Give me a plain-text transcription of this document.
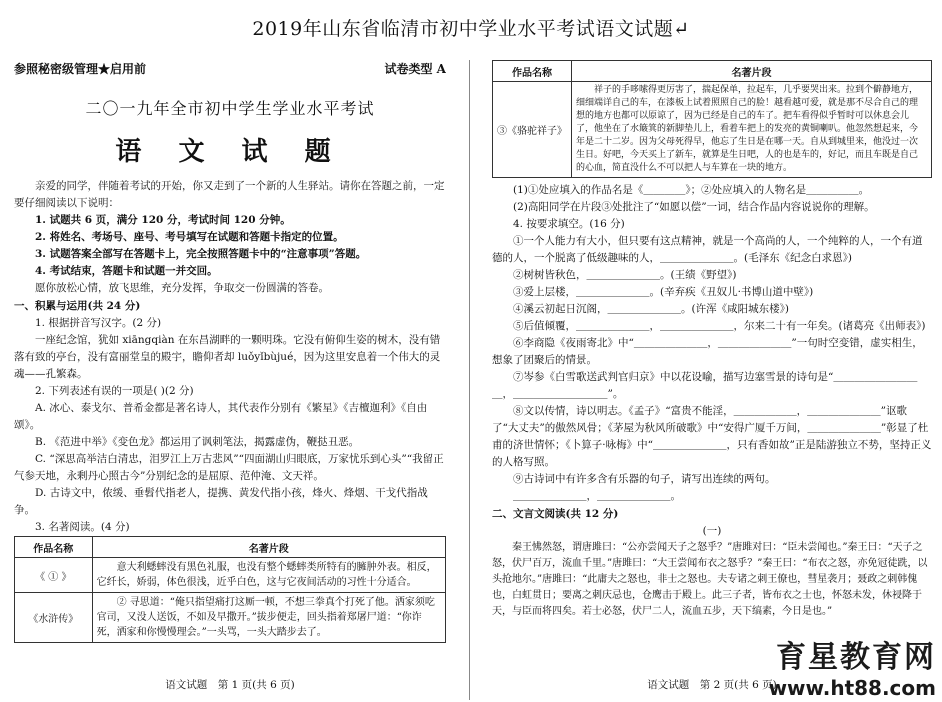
2019年山东省临清市初中学业水平考试语文试题↵
参照秘密级管理★启用前	试卷类型 A
二〇一九年全市初中学生学业水平考试
语 文 试 题

亲爱的同学，伴随着考试的开始，你又走到了一个新的人生驿站。请你在答题之前，一定要仔细阅读以下说明：

1. 试题共 6 页，满分 120 分，考试时间 120 分钟。

2. 将姓名、考场号、座号、考号填写在试题和答题卡指定的位置。

3. 试题答案全部写在答题卡上，完全按照答题卡中的“注意事项”答题。

4. 考试结束，答题卡和试题一并交回。

愿你放松心情，放飞思维，充分发挥，争取交一份圆满的答卷。

一、积累与运用(共 24 分)

1. 根据拼音写汉字。(2 分)

一座纪念馆，犹如 xiāngqiàn 在东昌湖畔的一颗明珠。它没有俯仰生姿的树木，没有错落有致的亭台，没有富丽堂皇的殿宇，瞻仰者却 luǒyǐbùjué，因为这里安息着一个伟大的灵魂——孔繁森。

2. 下列表述有误的一项是( )(2 分)

A. 冰心、泰戈尔、普希金都是著名诗人，其代表作分别有《繁星》《吉檀迦利》《自由颂》。

B. 《范进中举》《变色龙》都运用了讽刺笔法，揭露虚伪，鞭挞丑恶。

C. “深思高举洁白清忠，泪罗江上万古悲风”“四面湖山归眼底，万家忧乐到心头”“我留正气参天地，永剩丹心照古今”分别纪念的是屈原、范仲淹、文天祥。

D. 古诗文中，侬缓、垂髫代指老人，提携、黄发代指小孩，烽火、烽烟、干戈代指战争。

3. 名著阅读。(4 分)

作品名称	名著片段
《 ① 》	意大利蟋蟀没有黑色礼服，也没有整个蟋蟀类所特有的臃肿外表。相反，它纤长，娇弱，体色很浅，近乎白色，这与它夜间活动的习性十分适合。
《水浒传》	② 寻思道：“俺只指望痛打这厮一顿，不想三拳真个打死了他。洒家须吃官司，又没人送饭，不如及早撒开。”拔步便走，回头指着郑屠尸道：“你诈死，洒家和你慢慢理会。”一头骂，一头大踏步去了。
语文试题　第 1 页(共 6 页)
作品名称	名著片段
③《骆驼祥子》	祥子的手哆嗦得更厉害了，揣起保单，拉起车，几乎要哭出来。拉到个僻静地方，细细端详自己的车，在漆板上试着照照自己的脸！越看越可爱，就是那不尽合自己的理想的地方也都可以原谅了，因为已经是自己的车了。把车看得似乎暂时可以休息会儿了，他坐在了水簸箕的新脚垫儿上，看着车把上的发亮的黄铜喇叭。他忽然想起来，今年是二十二岁。因为父母死得早，他忘了生日是在哪一天。自从到城里来，他没过一次生日。好吧，今天买上了新车，就算是生日吧，人的也是车的，好记，而且车既是自己的心血，简直没什么不可以把人与车算在一块的地方。

(1)①处应填入的作品名是《＿＿＿＿》；②处应填入的人物名是＿＿＿＿＿。

(2)高阳同学在片段③处批注了“如愿以偿”一词，结合作品内容说说你的理解。

4. 按要求填空。(16 分)

①一个人能力有大小，但只要有这点精神，就是一个高尚的人，一个纯粹的人，一个有道德的人，一个脱离了低级趣味的人，＿＿＿＿＿＿＿。(毛泽东《纪念白求恩》)

②树树皆秋色，＿＿＿＿＿＿＿。(王绩《野望》)

③爱上层楼，＿＿＿＿＿＿＿。(辛弃疾《丑奴儿·书博山道中壁》)

④溪云初起日沉阁，＿＿＿＿＿＿＿。(许浑《咸阳城东楼》)

⑤后值倾覆，＿＿＿＿＿＿＿，＿＿＿＿＿＿＿，尔来二十有一年矣。(诸葛亮《出师表》)

⑥李商隐《夜雨寄北》中“＿＿＿＿＿＿＿，＿＿＿＿＿＿＿”一句时空变错，虚实相生，想象了团聚后的情景。

⑦岑参《白雪歌送武判官归京》中以花设喻，描写边塞雪景的诗句是“＿＿＿＿＿＿＿＿＿，＿＿＿＿＿＿＿＿＿”。

⑧文以传情，诗以明志。《孟子》“富贵不能淫，＿＿＿＿＿＿，＿＿＿＿＿＿＿”讴歌了“大丈夫”的傲然风骨；《茅屋为秋风所破歌》中“安得广厦千万间，＿＿＿＿＿＿＿”彰显了杜甫的济世情怀；《卜算子·咏梅》中“＿＿＿＿＿＿＿，只有香如故”正是陆游独立不势，坚持正义的人格写照。

⑨古诗词中有许多含有乐器的句子，请写出连续的两句。

＿＿＿＿＿＿＿，＿＿＿＿＿＿＿。

二、文言文阅读(共 12 分)

(一)

秦王怫然怒，谓唐雎曰：“公亦尝闻天子之怒乎？”唐雎对曰：“臣未尝闻也。”秦王曰：“天子之怒，伏尸百万，流血千里。”唐雎曰：“大王尝闻布衣之怒乎？”秦王曰：“布衣之怒，亦免冠徒跣，以头抢地尔。”唐雎曰：“此庸夫之怒也，非士之怒也。夫专诸之刺王僚也，彗星袭月；聂政之刺韩傀也，白虹贯日；要离之刺庆忌也，仓鹰击于殿上。此三子者，皆布衣之士也，怀怒未发，休祲降于天，与臣而将四矣。若士必怒，伏尸二人，流血五步，天下缟素，今日是也。”

语文试题　第 2 页(共 6 页)
育星教育网
www.ht88.com
